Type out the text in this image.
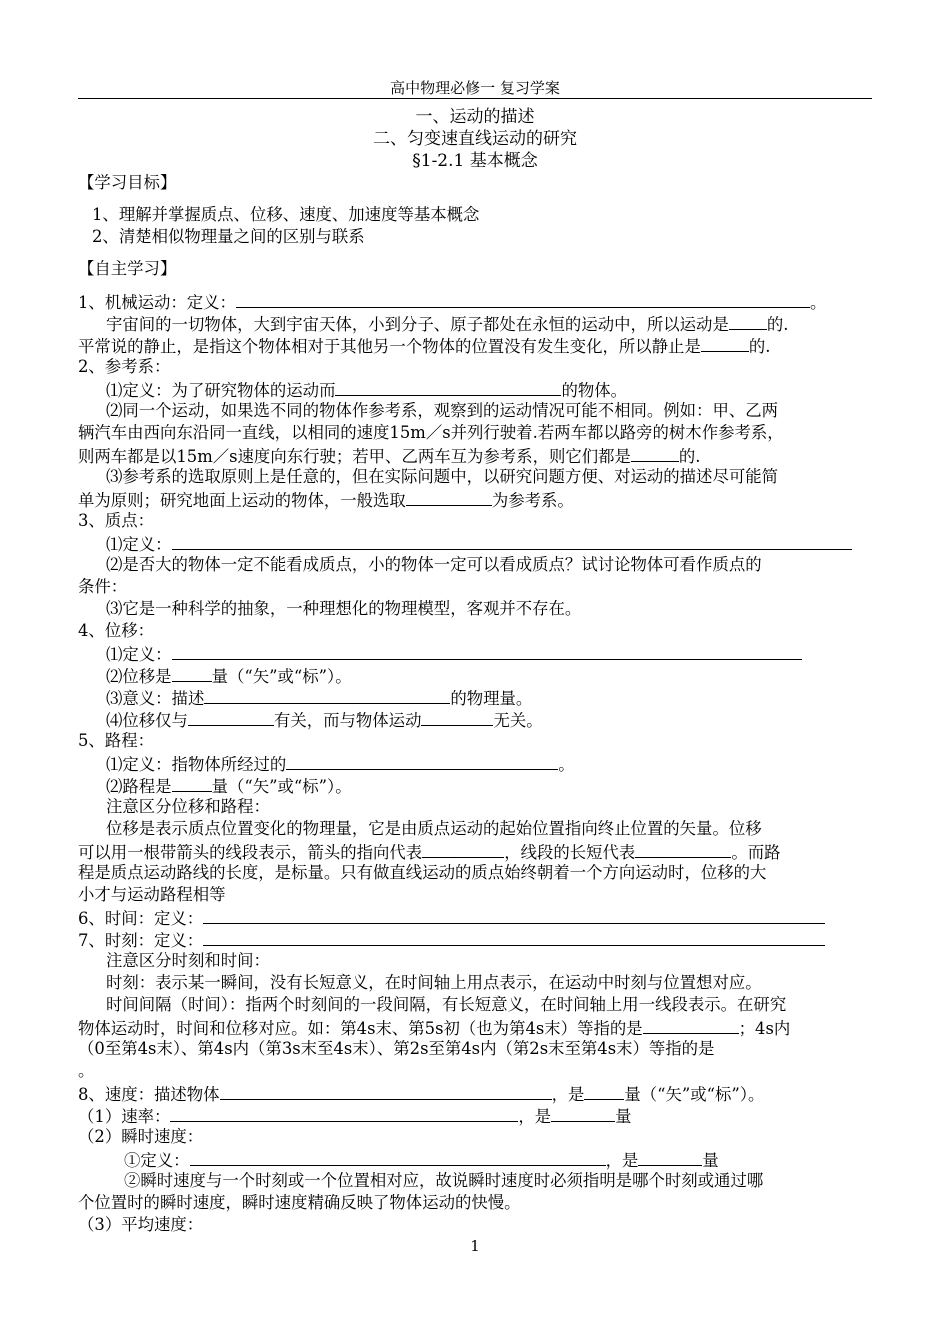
高中物理必修一 复习学案
一、运动的描述
二、匀变速直线运动的研究
§1-2.1 基本概念
【学习目标】
1、理解并掌握质点、位移、速度、加速度等基本概念
2、清楚相似物理量之间的区别与联系
【自主学习】
1、机械运动：定义：	。
宇宙间的一切物体，大到宇宙天体，小到分子、原子都处在永恒的运动中，所以运动是 的.
平常说的静止，是指这个物体相对于其他另一个物体的位置没有发生变化，所以静止是	的.
2、参考系：
⑴定义：为了研究物体的运动而	的物体。
⑵同一个运动，如果选不同的物体作参考系，观察到的运动情况可能不相同。例如：甲、乙两
辆汽车由西向东沿同一直线，以相同的速度15m／s并列行驶着.若两车都以路旁的树木作参考系，
则两车都是以15m／s速度向东行驶；若甲、乙两车互为参考系，则它们都是	的.
⑶参考系的选取原则上是任意的，但在实际问题中，以研究问题方便、对运动的描述尽可能简
单为原则；研究地面上运动的物体，一般选取	为参考系。
3、质点：
⑴定义：
⑵是否大的物体一定不能看成质点，小的物体一定可以看成质点？试讨论物体可看作质点的
条件：
⑶它是一种科学的抽象，一种理想化的物理模型，客观并不存在。
4、位移：
⑴定义：
⑵位移是 量（“矢”或“标”）。
⑶意义：描述	的物理量。
⑷位移仅与	有关，而与物体运动	无关。
5、路程：
⑴定义：指物体所经过的	。
⑵路程是 量（“矢”或“标”）。
注意区分位移和路程：
位移是表示质点位置变化的物理量，它是由质点运动的起始位置指向终止位置的矢量。位移
可以用一根带箭头的线段表示，箭头的指向代表	，线段的长短代表	。而路
程是质点运动路线的长度，是标量。只有做直线运动的质点始终朝着一个方向运动时，位移的大
小才与运动路程相等
6、时间：定义：
7、时刻：定义：
注意区分时刻和时间：
时刻：表示某一瞬间，没有长短意义，在时间轴上用点表示，在运动中时刻与位置想对应。
时间间隔（时间）：指两个时刻间的一段间隔，有长短意义，在时间轴上用一线段表示。在研究
物体运动时，时间和位移对应。如：第4s末、第5s初（也为第4s末）等指的是	；4s内
（0至第4s末）、第4s内（第3s末至4s末）、第2s至第4s内（第2s末至第4s末）等指的是
。
8、速度：描述物体	，是 量（“矢”或“标”）。
（1）速率：	，是	量
（2）瞬时速度：
①定义：	，是	量
②瞬时速度与一个时刻或一个位置相对应，故说瞬时速度时必须指明是哪个时刻或通过哪
个位置时的瞬时速度，瞬时速度精确反映了物体运动的快慢。
（3）平均速度：
1
